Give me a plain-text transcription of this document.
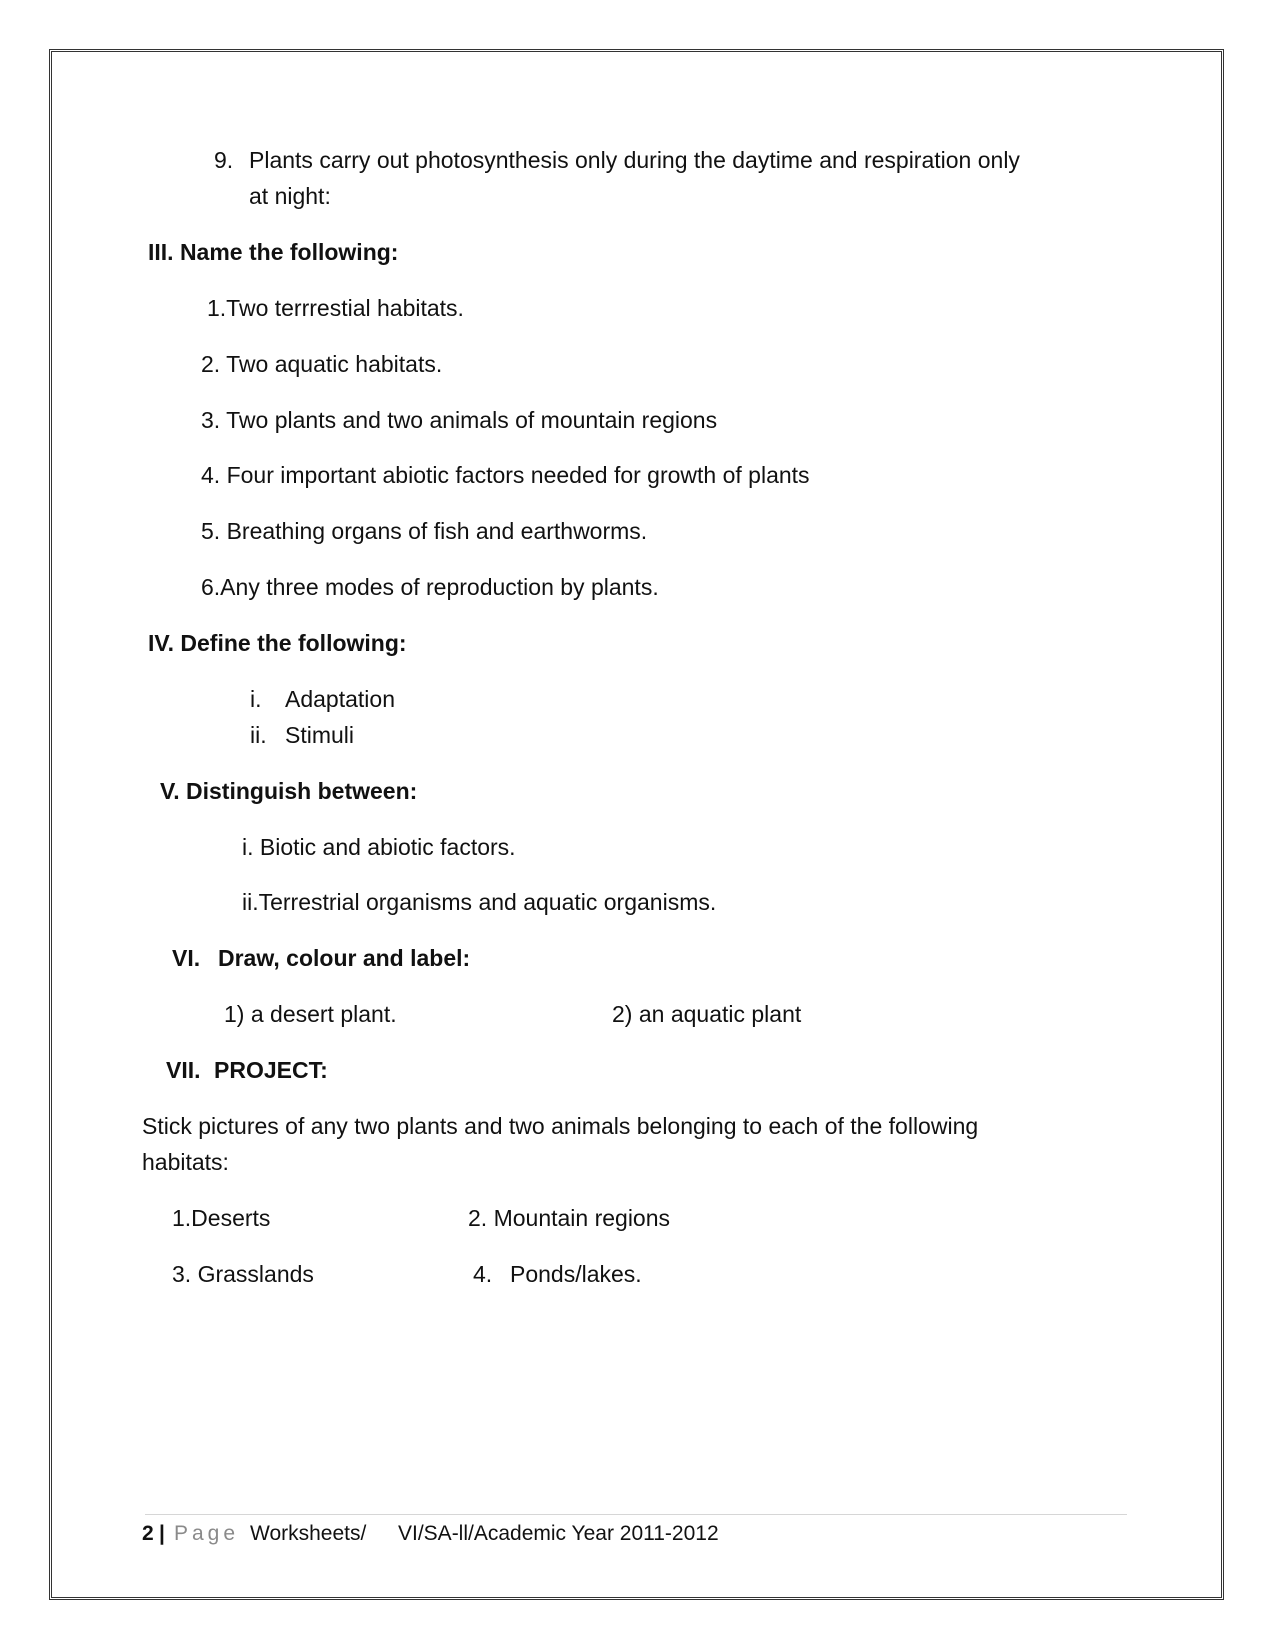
9. Plants carry out photosynthesis only during the daytime and respiration only
at night:
III. Name the following:
1.Two terrrestial habitats.
2. Two aquatic habitats.
3. Two plants and two animals of mountain regions
4. Four important abiotic factors needed for growth of plants
5. Breathing organs of fish and earthworms.
6.Any three modes of reproduction by plants.
IV. Define the following:
i. Adaptation
ii. Stimuli
V. Distinguish between:
i. Biotic and abiotic factors.
ii.Terrestrial organisms and aquatic organisms.
VI. Draw, colour and label:
1) a desert plant.	2) an aquatic plant
VII. PROJECT:
Stick pictures of any two plants and two animals belonging to each of the following
habitats:
1.Deserts	2. Mountain regions
3. Grasslands	4. Ponds/lakes.
2 | Page Worksheets/ VI/SA-ll/Academic Year 2011-2012
